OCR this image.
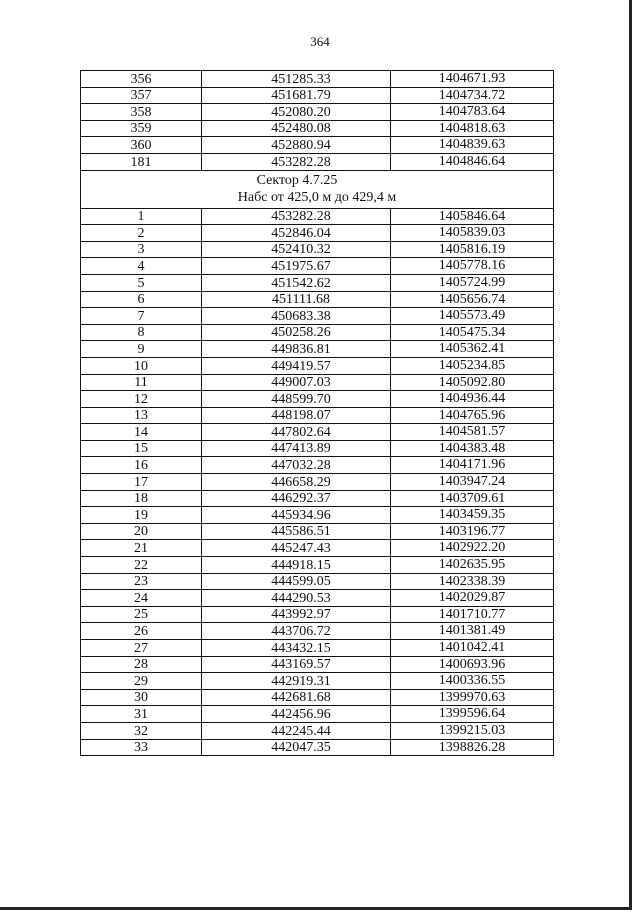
364
356	451285.33	1404671.93
357	451681.79	1404734.72
358	452080.20	1404783.64
359	452480.08	1404818.63
360	452880.94	1404839.63
181	453282.28	1404846.64

Сектор 4.7.25
Набс от 425,0 м до 429,4 м		

1	453282.28	1405846.64
2	452846.04	1405839.03
3	452410.32	1405816.19
4	451975.67	1405778.16
5	451542.62	1405724.99
6	451111.68	1405656.74
7	450683.38	1405573.49
8	450258.26	1405475.34
9	449836.81	1405362.41
10	449419.57	1405234.85
11	449007.03	1405092.80
12	448599.70	1404936.44
13	448198.07	1404765.96
14	447802.64	1404581.57
15	447413.89	1404383.48
16	447032.28	1404171.96
17	446658.29	1403947.24
18	446292.37	1403709.61
19	445934.96	1403459.35
20	445586.51	1403196.77
21	445247.43	1402922.20
22	444918.15	1402635.95
23	444599.05	1402338.39
24	444290.53	1402029.87
25	443992.97	1401710.77
26	443706.72	1401381.49
27	443432.15	1401042.41
28	443169.57	1400693.96
29	442919.31	1400336.55
30	442681.68	1399970.63
31	442456.96	1399596.64
32	442245.44	1399215.03
33	442047.35	1398826.28
